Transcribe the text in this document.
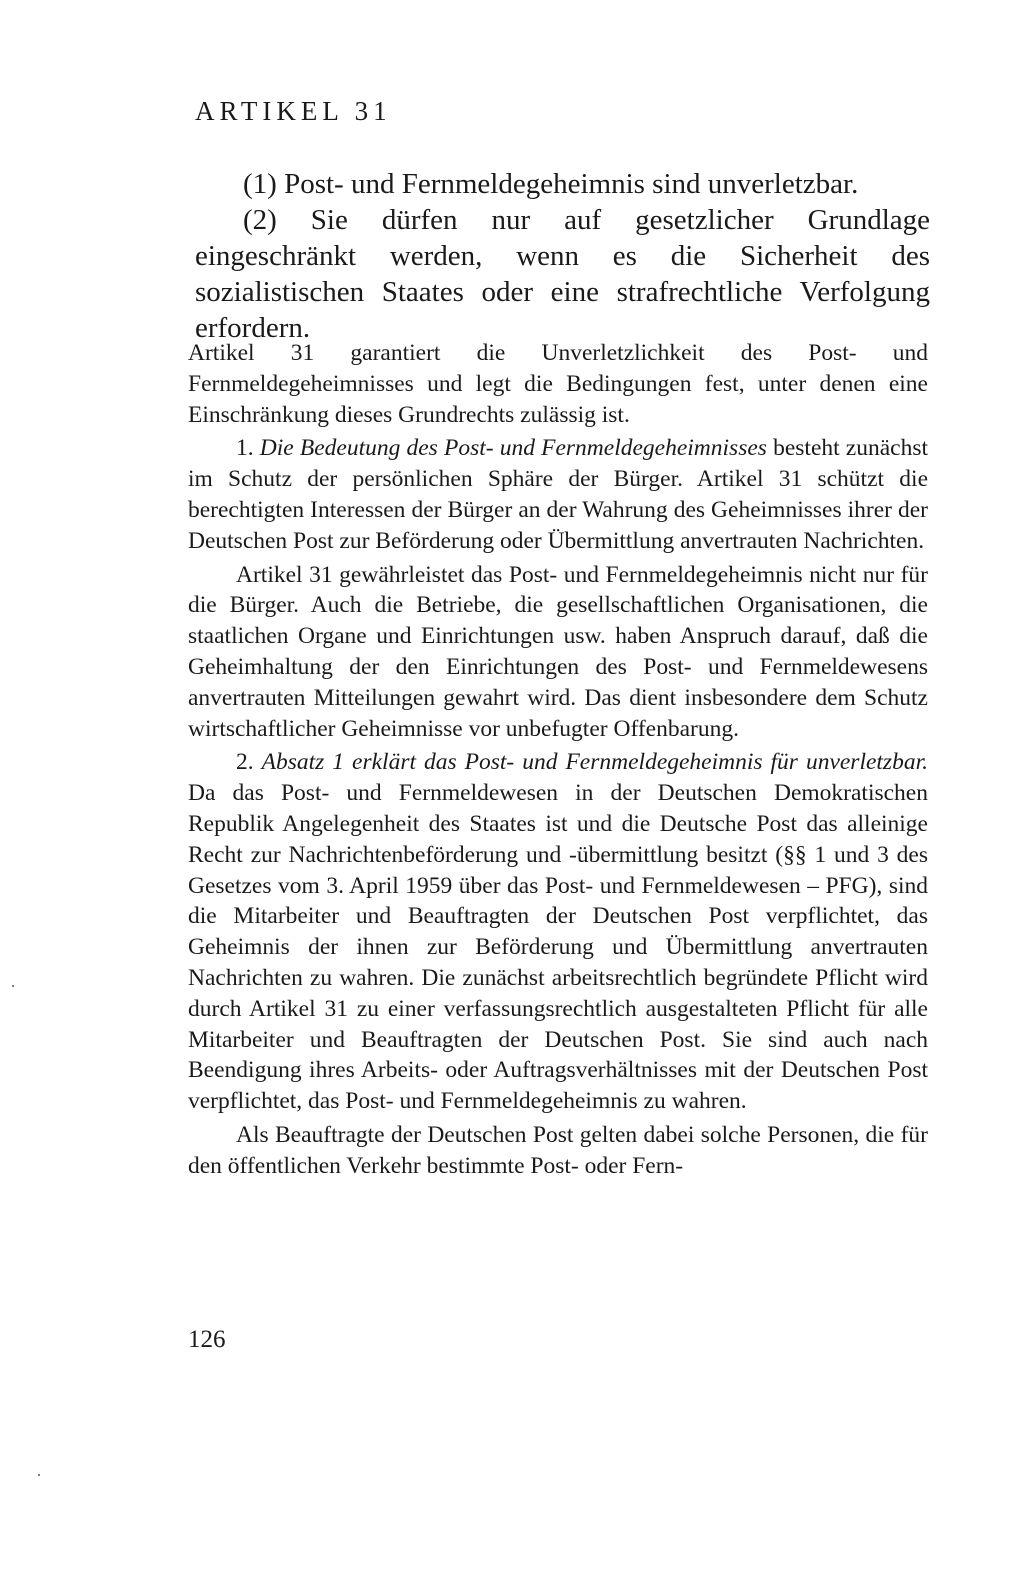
ARTIKEL 31

(1) Post- und Fernmeldegeheimnis sind unverletzbar.

(2) Sie dürfen nur auf gesetzlicher Grundlage eingeschränkt werden, wenn es die Sicherheit des sozialistischen Staates oder eine strafrechtliche Verfolgung erfordern.

Artikel 31 garantiert die Unverletzlichkeit des Post- und Fernmeldegeheimnisses und legt die Bedingungen fest, unter denen eine Einschränkung dieses Grundrechts zulässig ist.

1. Die Bedeutung des Post- und Fernmeldegeheimnisses besteht zunächst im Schutz der persönlichen Sphäre der Bürger. Artikel 31 schützt die berechtigten Interessen der Bürger an der Wahrung des Geheimnisses ihrer der Deutschen Post zur Beförderung oder Übermittlung anvertrauten Nachrichten.

Artikel 31 gewährleistet das Post- und Fernmeldegeheimnis nicht nur für die Bürger. Auch die Betriebe, die gesellschaftlichen Organisationen, die staatlichen Organe und Einrichtungen usw. haben Anspruch darauf, daß die Geheimhaltung der den Einrichtungen des Post- und Fernmeldewesens anvertrauten Mitteilungen gewahrt wird. Das dient insbesondere dem Schutz wirtschaftlicher Geheimnisse vor unbefugter Offenbarung.

2. Absatz 1 erklärt das Post- und Fernmeldegeheimnis für unverletzbar. Da das Post- und Fernmeldewesen in der Deutschen Demokratischen Republik Angelegenheit des Staates ist und die Deutsche Post das alleinige Recht zur Nachrichtenbeförderung und -übermittlung besitzt (§§ 1 und 3 des Gesetzes vom 3. April 1959 über das Post- und Fernmeldewesen – PFG), sind die Mitarbeiter und Beauftragten der Deutschen Post verpflichtet, das Geheimnis der ihnen zur Beförderung und Übermittlung anvertrauten Nachrichten zu wahren. Die zunächst arbeitsrechtlich begründete Pflicht wird durch Artikel 31 zu einer verfassungsrechtlich ausgestalteten Pflicht für alle Mitarbeiter und Beauftragten der Deutschen Post. Sie sind auch nach Beendigung ihres Arbeits- oder Auftragsverhältnisses mit der Deutschen Post verpflichtet, das Post- und Fernmeldegeheimnis zu wahren.

Als Beauftragte der Deutschen Post gelten dabei solche Personen, die für den öffentlichen Verkehr bestimmte Post- oder Fern-

126
